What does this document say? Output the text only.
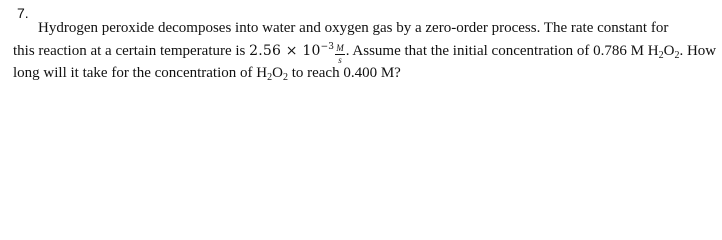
7.
Hydrogen peroxide decomposes into water and oxygen gas by a zero-order process. The rate constant for
this reaction at a certain temperature is $2.56 \times 10^{-3} \frac{M}{s}$ . Assume that the initial concentration of 0.786 M $H_2O_2$. How
long will it take for the concentration of $H_2O_2$ to reach 0.400 M?
